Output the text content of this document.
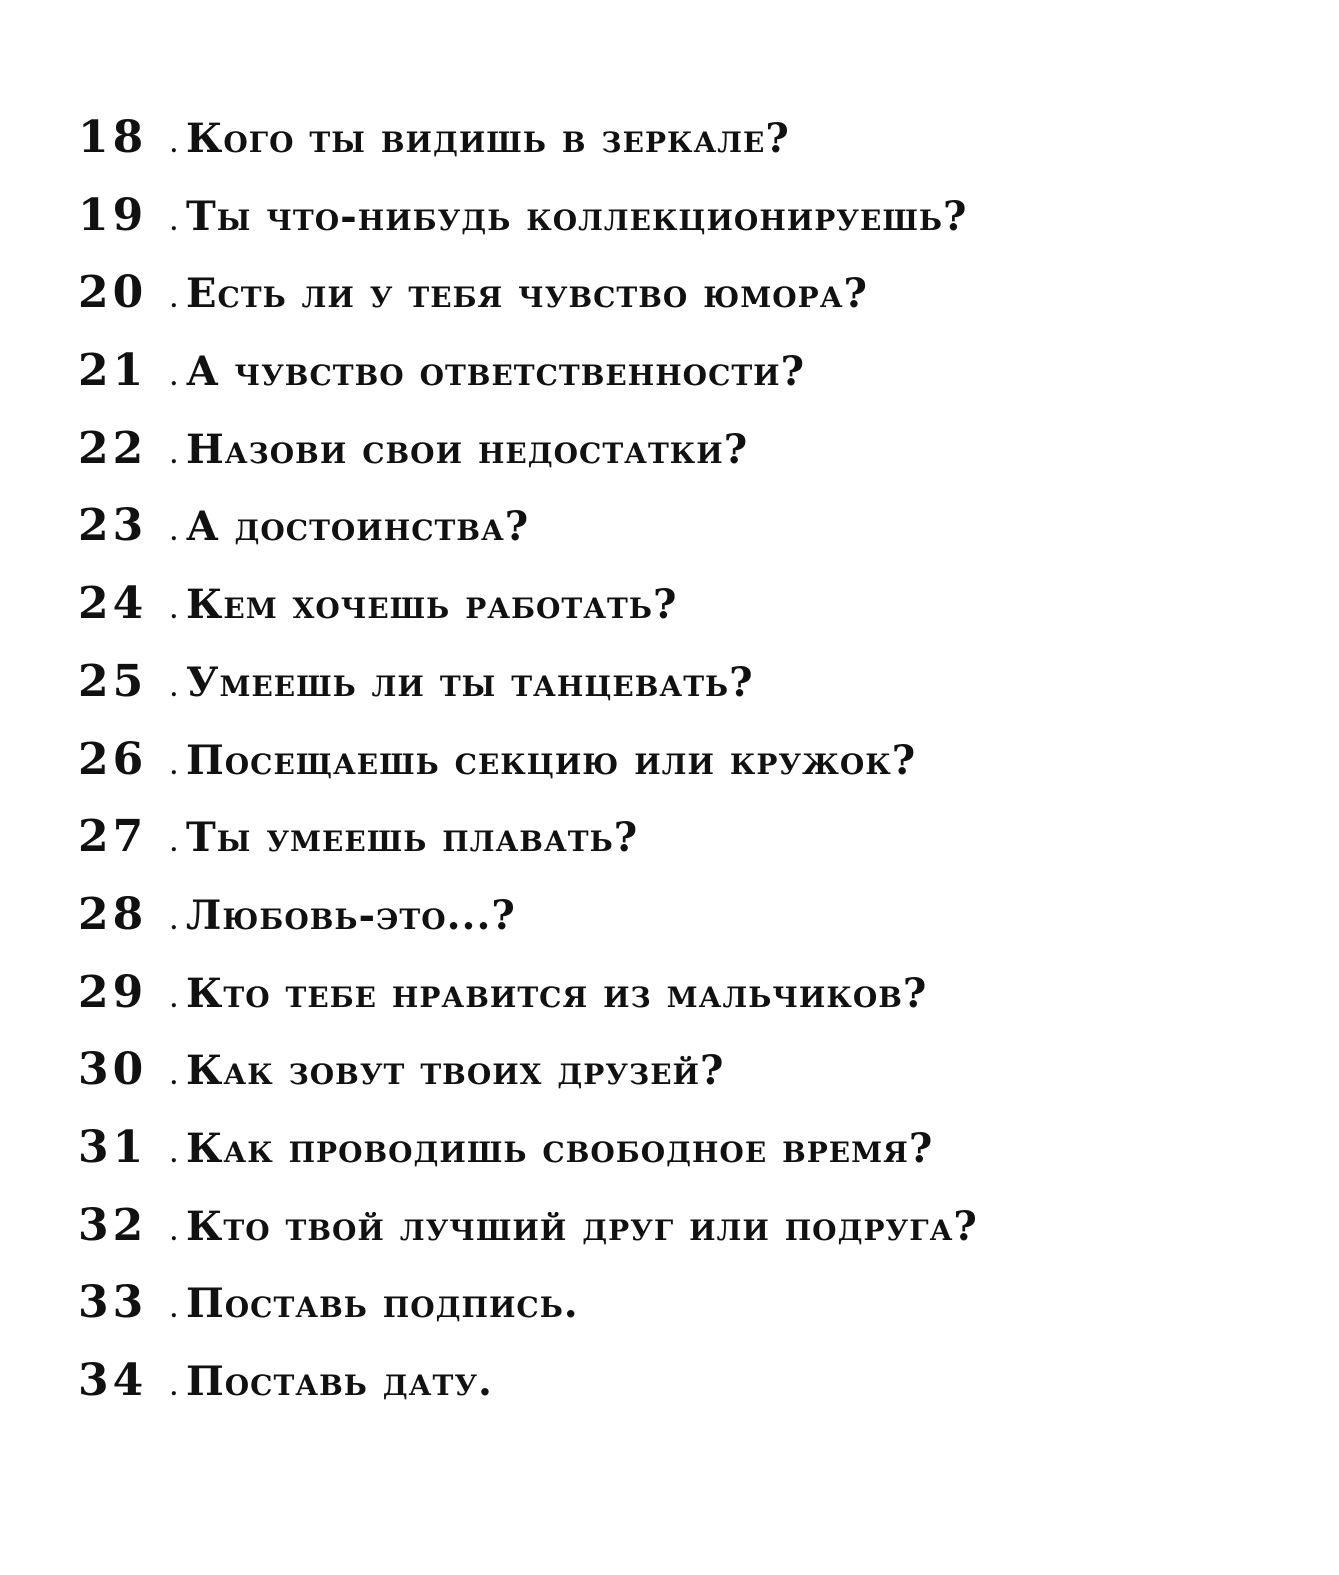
18	. Кого ты видишь в зеркале?
19	. Ты что-нибудь коллекционируешь?
20	. Есть ли у тебя чувство юмора?
21	. А чувство ответственности?
22	. Назови свои недостатки?
23	. А достоинства?
24	. Кем хочешь работать?
25	. Умеешь ли ты танцевать?
26	. Посещаешь секцию или кружок?
27	. Ты умеешь плавать?
28	. Любовь-это...?
29	. Кто тебе нравится из мальчиков?
30	. Как зовут твоих друзей?
31	. Как проводишь свободное время?
32	. Кто твой лучший друг или подруга?
33	. Поставь подпись.
34	. Поставь дату.
